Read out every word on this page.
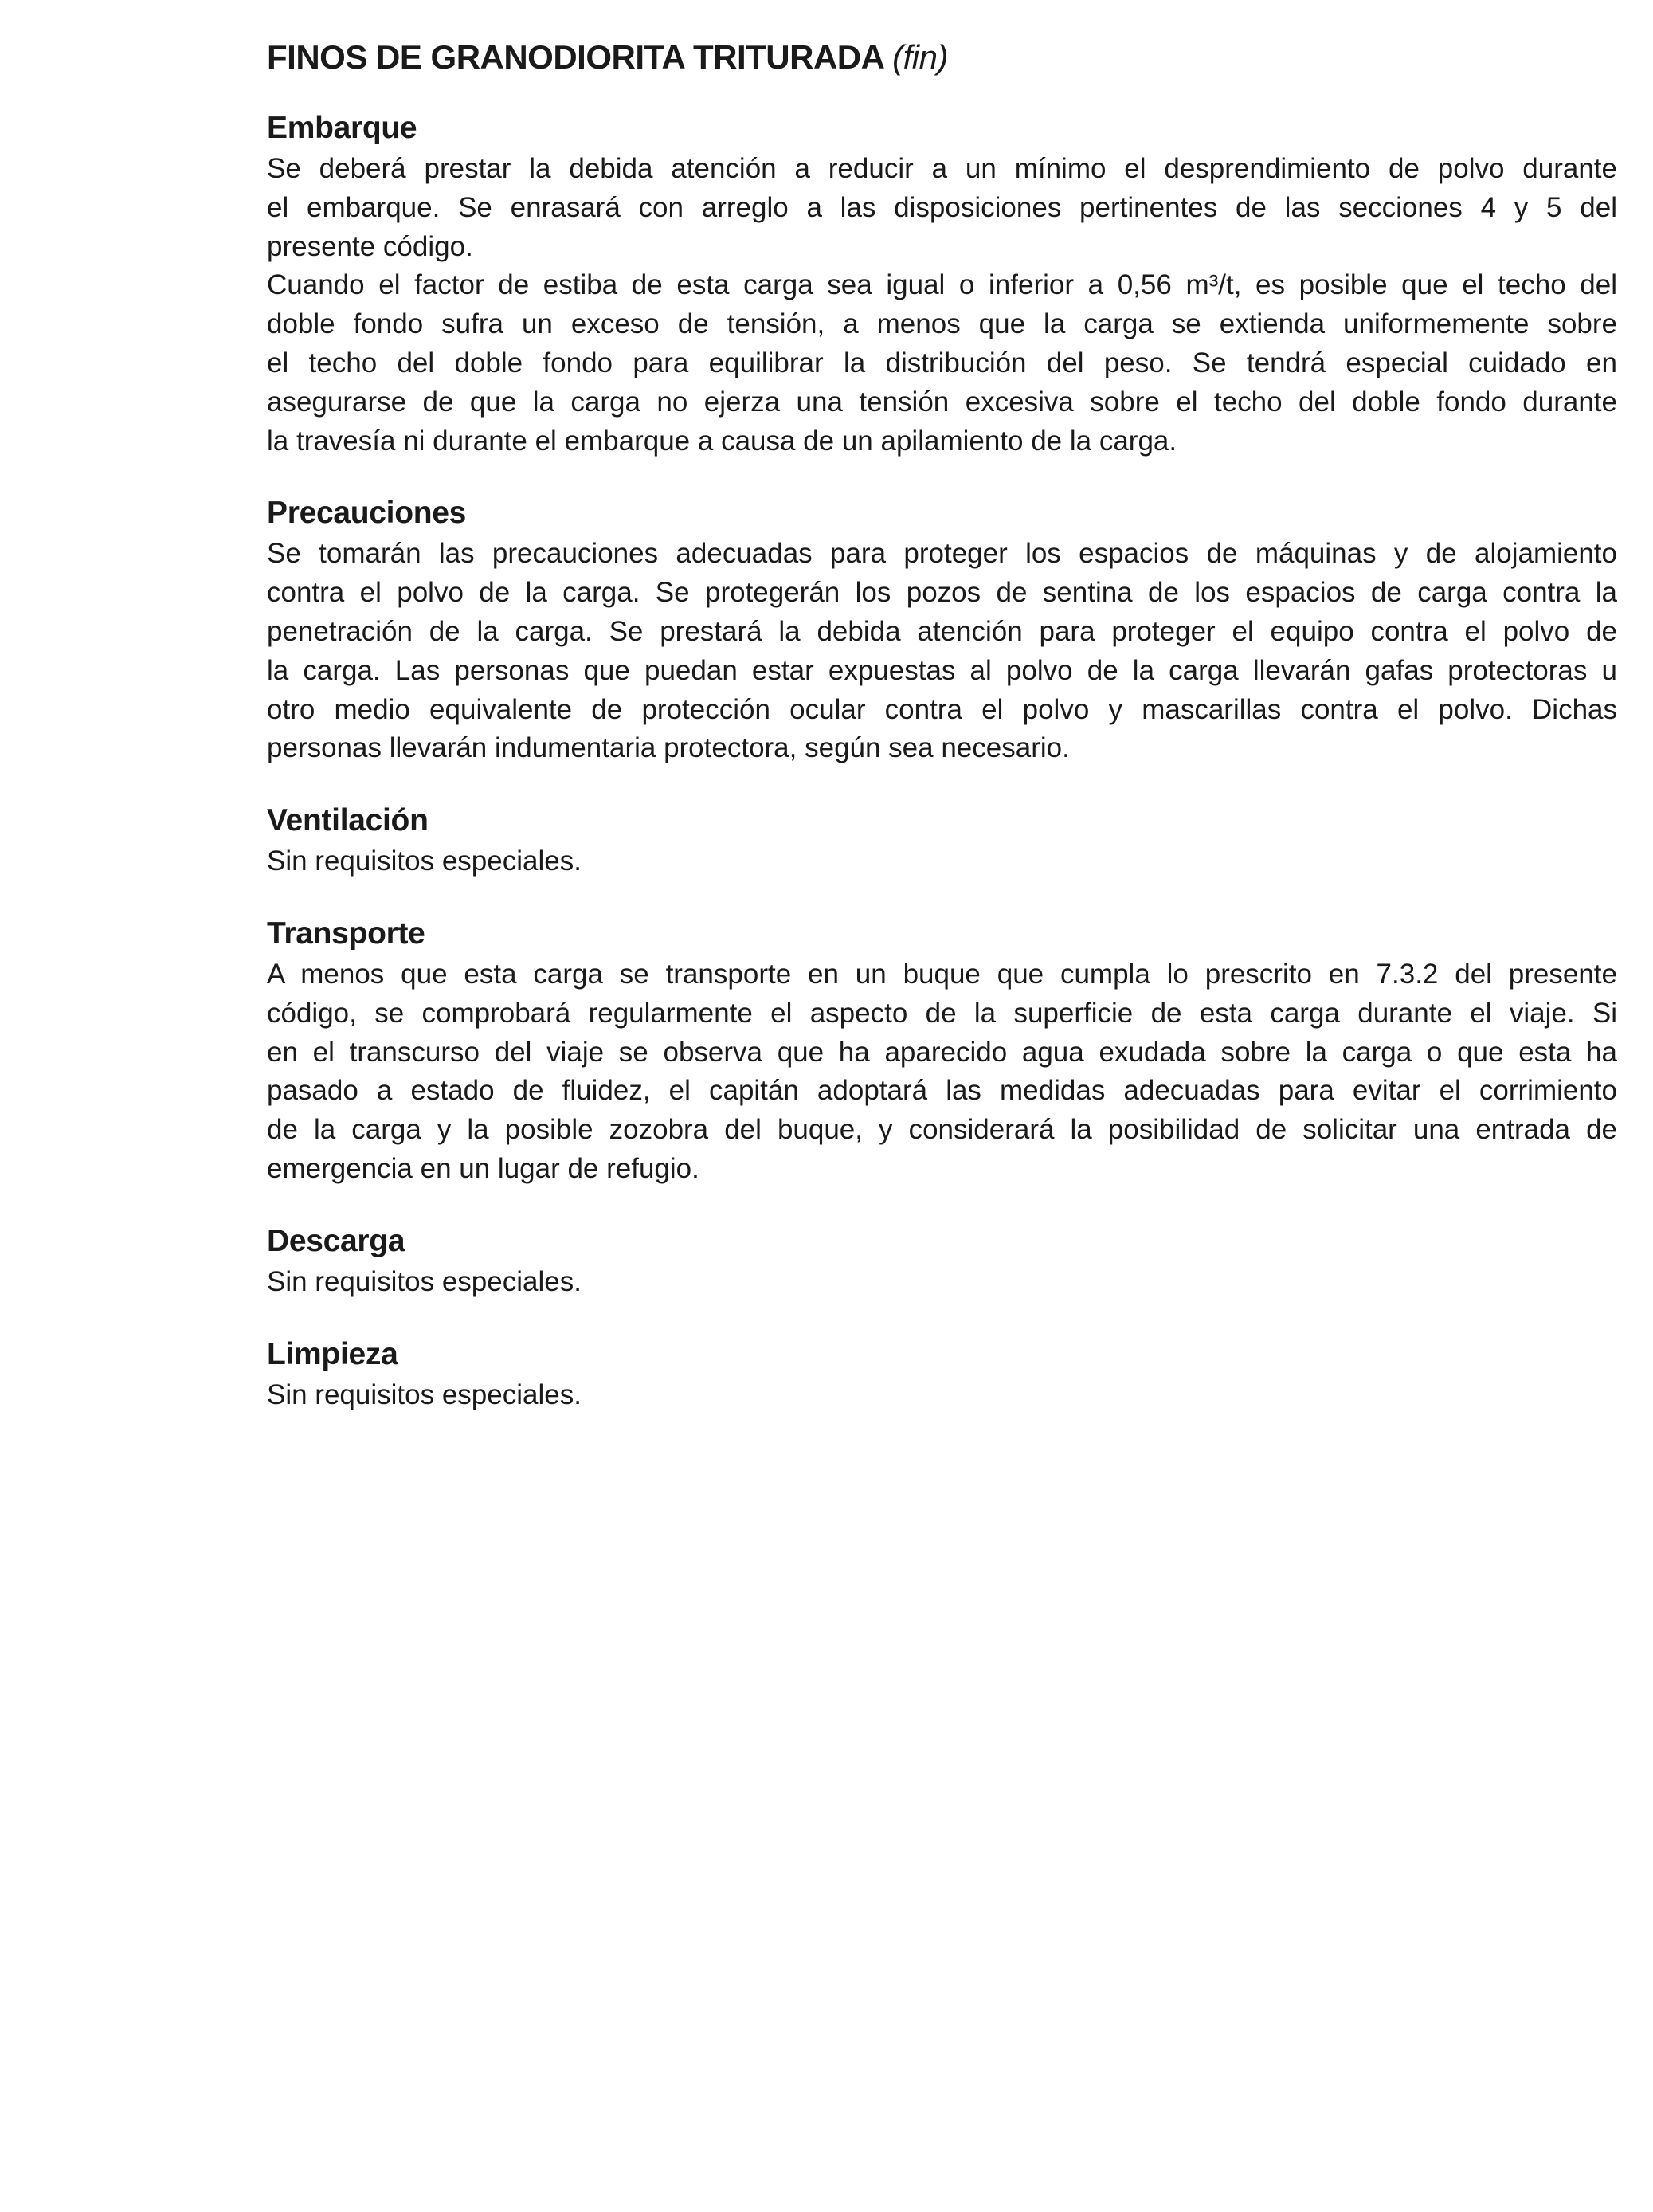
FINOS DE GRANODIORITA TRITURADA (fin)
Embarque
Se deberá prestar la debida atención a reducir a un mínimo el desprendimiento de polvo durante
el embarque. Se enrasará con arreglo a las disposiciones pertinentes de las secciones 4 y 5 del
presente código.
Cuando el factor de estiba de esta carga sea igual o inferior a 0,56 m³/t, es posible que el techo del
doble fondo sufra un exceso de tensión, a menos que la carga se extienda uniformemente sobre
el techo del doble fondo para equilibrar la distribución del peso. Se tendrá especial cuidado en
asegurarse de que la carga no ejerza una tensión excesiva sobre el techo del doble fondo durante
la travesía ni durante el embarque a causa de un apilamiento de la carga.
Precauciones
Se tomarán las precauciones adecuadas para proteger los espacios de máquinas y de alojamiento
contra el polvo de la carga. Se protegerán los pozos de sentina de los espacios de carga contra la
penetración de la carga. Se prestará la debida atención para proteger el equipo contra el polvo de
la carga. Las personas que puedan estar expuestas al polvo de la carga llevarán gafas protectoras u
otro medio equivalente de protección ocular contra el polvo y mascarillas contra el polvo. Dichas
personas llevarán indumentaria protectora, según sea necesario.
Ventilación
Sin requisitos especiales.
Transporte
A menos que esta carga se transporte en un buque que cumpla lo prescrito en 7.3.2 del presente
código, se comprobará regularmente el aspecto de la superficie de esta carga durante el viaje. Si
en el transcurso del viaje se observa que ha aparecido agua exudada sobre la carga o que esta ha
pasado a estado de fluidez, el capitán adoptará las medidas adecuadas para evitar el corrimiento
de la carga y la posible zozobra del buque, y considerará la posibilidad de solicitar una entrada de
emergencia en un lugar de refugio.
Descarga
Sin requisitos especiales.
Limpieza
Sin requisitos especiales.
